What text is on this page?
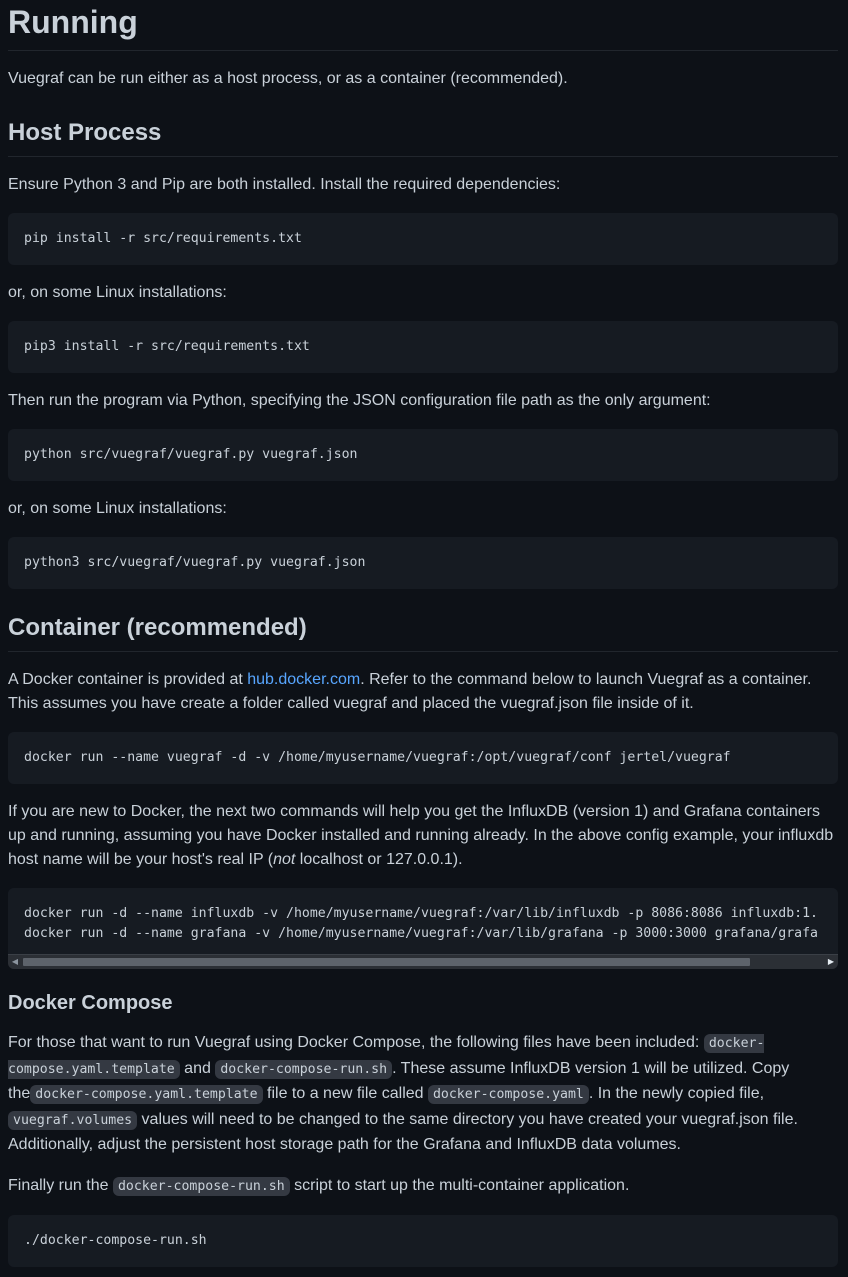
Running

Vuegraf can be run either as a host process, or as a container (recommended).

Host Process

Ensure Python 3 and Pip are both installed. Install the required dependencies:

pip install -r src/requirements.txt

or, on some Linux installations:

pip3 install -r src/requirements.txt

Then run the program via Python, specifying the JSON configuration file path as the only argument:

python src/vuegraf/vuegraf.py vuegraf.json

or, on some Linux installations:

python3 src/vuegraf/vuegraf.py vuegraf.json
Container (recommended)

A Docker container is provided at hub.docker.com. Refer to the command below to launch Vuegraf as a container. This assumes you have create a folder called vuegraf and placed the vuegraf.json file inside of it.

docker run --name vuegraf -d -v /home/myusername/vuegraf:/opt/vuegraf/conf jertel/vuegraf

If you are new to Docker, the next two commands will help you get the InfluxDB (version 1) and Grafana containers up and running, assuming you have Docker installed and running already. In the above config example, your influxdb host name will be your host's real IP (not localhost or 127.0.0.1).

docker run -d --name influxdb -v /home/myusername/vuegraf:/var/lib/influxdb -p 8086:8086 influxdb:1.
docker run -d --name grafana -v /home/myusername/vuegraf:/var/lib/grafana -p 3000:3000 grafana/grafa
◀	▶
Docker Compose

For those that want to run Vuegraf using Docker Compose, the following files have been included: docker-compose.yaml.template and docker-compose-run.sh . These assume InfluxDB version 1 will be utilized. Copy the docker-compose.yaml.template file to a new file called docker-compose.yaml . In the newly copied file, vuegraf.volumes values will need to be changed to the same directory you have created your vuegraf.json file. Additionally, adjust the persistent host storage path for the Grafana and InfluxDB data volumes.

Finally run the docker-compose-run.sh script to start up the multi-container application.

./docker-compose-run.sh
